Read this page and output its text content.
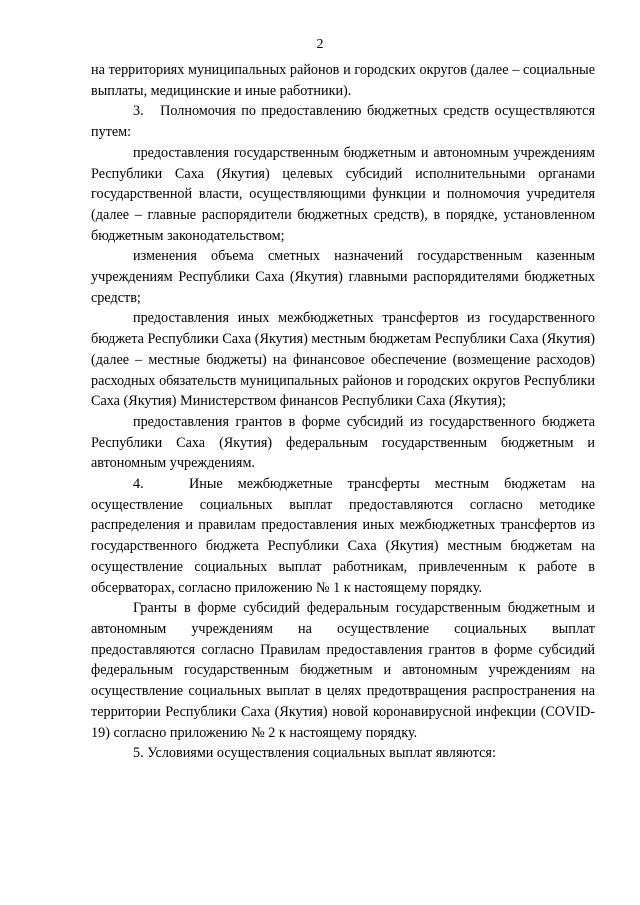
2

на территориях муниципальных районов и городских округов (далее – социальные выплаты, медицинские и иные работники).

3.   Полномочия по предоставлению бюджетных средств осуществляются путем:

предоставления государственным бюджетным и автономным учреждениям Республики Саха (Якутия) целевых субсидий исполнительными органами государственной власти, осуществляющими функции и полномочия учредителя (далее – главные распорядители бюджетных средств), в порядке, установленном бюджетным законодательством;

изменения объема сметных назначений государственным казенным учреждениям Республики Саха (Якутия) главными распорядителями бюджетных средств;

предоставления иных межбюджетных трансфертов из государственного бюджета Республики Саха (Якутия) местным бюджетам Республики Саха (Якутия) (далее – местные бюджеты) на финансовое обеспечение (возмещение расходов) расходных обязательств муниципальных районов и городских округов Республики Саха (Якутия) Министерством финансов Республики Саха (Якутия);

предоставления грантов в форме субсидий из государственного бюджета Республики Саха (Якутия) федеральным государственным бюджетным и автономным учреждениям.

4.   Иные межбюджетные трансферты местным бюджетам на осуществление социальных выплат предоставляются согласно методике распределения и правилам предоставления иных межбюджетных трансфертов из государственного бюджета Республики Саха (Якутия) местным бюджетам на осуществление социальных выплат работникам, привлеченным к работе в обсерваторах, согласно приложению № 1 к настоящему порядку.

Гранты в форме субсидий федеральным государственным бюджетным и автономным учреждениям на осуществление социальных выплат предоставляются согласно Правилам предоставления грантов в форме субсидий федеральным государственным бюджетным и автономным учреждениям на осуществление социальных выплат в целях предотвращения распространения на территории Республики Саха (Якутия) новой коронавирусной инфекции (COVID-19) согласно приложению № 2 к настоящему порядку.

5. Условиями осуществления социальных выплат являются:
